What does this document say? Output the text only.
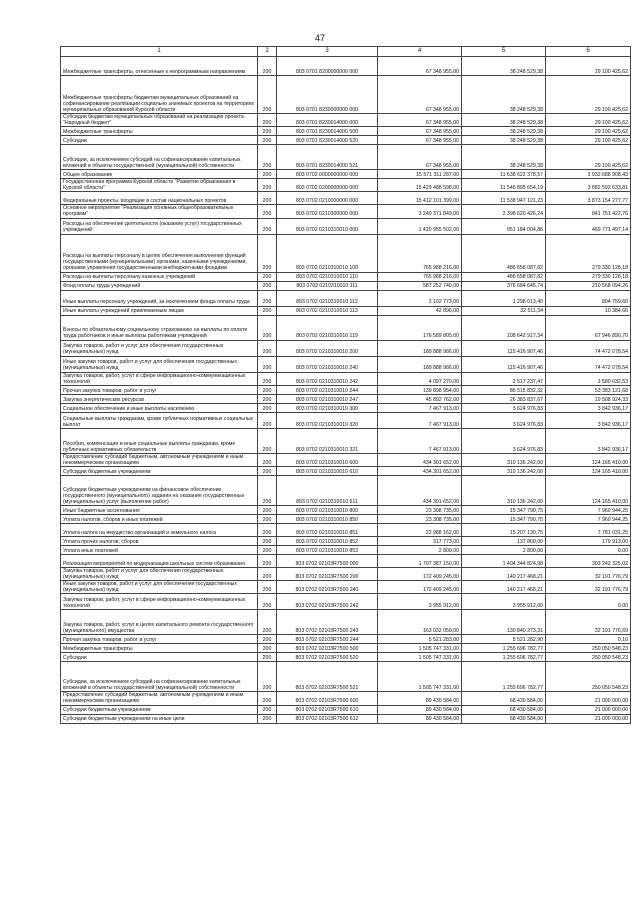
47
1	2	3	4	5	6
Межбюджетные трансферты, отнесенные к непрограммным направлениям	200	803 0701 8200000000 000	67 348 955,00	38 248 529,38	29 100 425,62
Межбюджетные трансферты бюджетам муниципальных образований на софинансирование реализации социально значимых проектов на территориях муниципальных образований Курской области	200	803 0701 8230000000 000	67 348 955,00	38 248 529,38	29 100 425,62
Субсидии бюджетам муниципальных образований на реализацию проекта "Народный бюджет"	200	803 0701 8230014000 000	67 348 955,00	38 248 529,38	29 100 425,62
Межбюджетные трансферты	200	803 0701 8230014000 500	67 348 955,00	38 248 529,38	29 100 425,62
Субсидии	200	803 0701 8230014000 520	67 348 955,00	38 248 529,38	29 100 425,62
Субсидии, за исключением субсидий на софинансирование капитальных вложений в объекты государственной (муниципальной) собственности	200	803 0701 8230014000 521	67 348 955,00	38 248 529,38	29 100 425,62
Общее образование	200	803 0702 0000000000 000	15 571 311 287,00	11 638 622 378,57	3 932 688 908,43
Государственная программа Курской области "Развитие образования в Курской области"	200	803 0702 0200000000 000	15 429 488 598,00	11 546 895 654,19	3 882 592 633,81
Федеральные проекты, входящие в состав национальных проектов	200	803 0702 0210000000 000	15 412 101 399,00	11 538 947 121,23	3 873 154 277,77
Основное мероприятие "Реализация основных общеобразовательных программ"	200	803 0702 0210300000 000	3 240 371 849,00	2 398 620 426,24	841 751 422,76
Расходы на обеспечение деятельности (оказание услуг) государственных учреждений	200	803 0702 0210310010 000	1 420 955 502,00	951 184 004,86	469 771 497,14
Расходы на выплаты персоналу в целях обеспечения выполнения функций государственными (муниципальными) органами, казенными учреждениями, органами управления государственными внебюджетными фондами	200	803 0702 0210310010 100	765 988 216,00	486 658 087,82	279 330 128,18
Расходы на выплаты персоналу казенных учреждений	200	803 0702 0210310010 110	765 988 216,00	486 658 087,82	279 330 128,18
Фонд оплаты труда учреждений	200	803 0702 0210310010 111	587 252 740,00	376 684 645,74	210 568 094,26
Иные выплаты персоналу учреждений, за исключением фонда оплаты труда	200	803 0702 0210310010 112	2 102 773,00	1 298 013,40	804 759,60
Иные выплаты учреждений привлекаемым лицам	200	803 0702 0210310010 113	42 896,00	32 511,34	10 384,66
Взносы по обязательному социальному страхованию на выплаты по оплате труда работников и иные выплаты работникам учреждений	200	803 0702 0210310010 119	176 589 805,00	108 642 917,34	67 946 890,70
Закупка товаров, работ и услуг для обеспечения государственных (муниципальных) нужд	200	803 0702 0210310010 200	189 888 986,00	115 416 907,46	74 472 078,54
Иные закупки товаров, работ и услуг для обеспечения государственных (муниципальных) нужд	200	803 0702 0210310010 240	189 888 986,00	115 416 907,46	74 472 078,54
Закупка товаров, работ, услуг в сфере информационно-коммуникационных технологий	200	803 0702 0210310010 242	4 097 270,00	2 517 237,47	1 580 032,53
Прочая закупка товаров, работ и услуг	200	803 0702 0210310010 244	139 898 954,00	86 515 832,32	53 383 121,68
Закупка энергетических ресурсов	200	803 0702 0210310010 247	45 892 762,00	26 383 837,67	19 508 924,33
Социальное обеспечение и иные выплаты населению	200	803 0702 0210310010 300	7 467 913,00	3 624 976,83	3 842 936,17
Социальные выплаты гражданам, кроме публичных нормативных социальных выплат	200	803 0702 0210310010 320	7 467 913,00	3 624 976,83	3 842 936,17
Пособия, компенсации и иные социальные выплаты гражданам, кроме публичных нормативных обязательств	200	803 0702 0210310010 321	7 467 913,00	3 624 976,83	3 842 936,17
Предоставление субсидий бюджетным, автономным учреждениям и иным некоммерческим организациям	200	803 0702 0210310010 600	434 301 652,00	310 136 242,00	124 165 410,00
Субсидии бюджетным учреждениям	200	803 0702 0210310010 610	434 301 652,00	310 136 242,00	124 165 410,00
Субсидии бюджетным учреждениям на финансовое обеспечение государственного (муниципального) задания на оказание государственных (муниципальных) услуг (выполнение работ)	200	803 0702 0210310010 611	434 301 652,00	310 136 242,00	124 165 410,00
Иные бюджетные ассигнования	200	803 0702 0210310010 800	23 308 735,00	15 347 790,75	7 960 944,25
Уплата налогов, сборов и иных платежей	200	803 0702 0210310010 850	23 308 735,00	15 347 790,75	7 960 944,25
Уплата налога на имущество организаций и земельного налога	200	803 0702 0210310010 851	22 988 162,00	15 207 130,75	7 781 031,25
Уплата прочих налогов, сборов	200	803 0702 0210310010 852	317 773,00	137 860,00	179 913,00
Уплата иных платежей	200	803 0702 0210310010 853	2 800,00	2 800,00	0,00
Реализация мероприятий по модернизации школьных систем образования	200	803 0702 02103R7500 000	1 707 387 150,00	1 404 344 824,98	303 242 325,02
Закупка товаров, работ и услуг для обеспечения государственных (муниципальных) нужд	200	803 0702 02103R7500 200	172 409 245,00	140 217 468,21	32 191 776,79
Иные закупки товаров, работ и услуг для обеспечения государственных (муниципальных) нужд	200	803 0702 02103R7500 240	172 409 245,00	140 217 468,21	32 191 776,79
Закупка товаров, работ, услуг в сфере информационно-коммуникационных технологий	200	803 0702 02103R7500 242	3 955 912,00	3 955 912,00	0,00
Закупка товаров, работ, услуг в целях капитального ремонта государственного (муниципального) имущества	200	803 0702 02103R7500 243	163 032 050,00	130 840 273,31	32 191 776,69
Прочая закупка товаров, работ и услуг	200	803 0702 02103R7500 244	5 521 283,00	5 521 282,90	0,10
Межбюджетные трансферты	200	803 0702 02103R7500 500	1 505 747 331,00	1 255 696 782,77	250 050 548,23
Субсидии	200	803 0702 02103R7500 520	1 505 747 331,00	1 255 696 782,77	250 050 548,23
Субсидии, за исключением субсидий на софинансирование капитальных вложений в объекты государственной (муниципальной) собственности	200	803 0702 02103R7500 521	1 505 747 331,00	1 255 696 782,77	250 050 548,23
Предоставление субсидий бюджетным, автономным учреждениям и иным некоммерческим организациям	200	803 0702 02103R7500 600	89 430 584,00	68 430 584,00	21 000 000,00
Субсидии бюджетным учреждениям	200	803 0702 02103R7500 610	89 430 584,00	68 430 584,00	21 000 000,00
Субсидии бюджетным учреждениям на иные цели	200	803 0702 02103R7500 612	89 430 584,00	68 430 584,00	21 000 000,00
